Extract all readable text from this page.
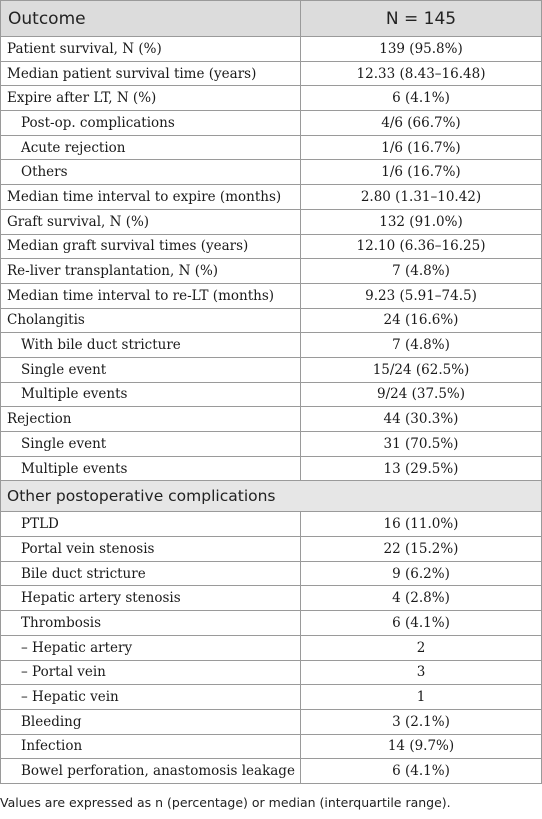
Outcome	N = 145
Patient survival, N (%)	139 (95.8%)
Median patient survival time (years)	12.33 (8.43–16.48)
Expire after LT, N (%)	6 (4.1%)
Post-op. complications	4/6 (66.7%)
Acute rejection	1/6 (16.7%)
Others	1/6 (16.7%)
Median time interval to expire (months)	2.80 (1.31–10.42)
Graft survival, N (%)	132 (91.0%)
Median graft survival times (years)	12.10 (6.36–16.25)
Re-liver transplantation, N (%)	7 (4.8%)
Median time interval to re-LT (months)	9.23 (5.91–74.5)
Cholangitis	24 (16.6%)
With bile duct stricture	7 (4.8%)
Single event	15/24 (62.5%)
Multiple events	9/24 (37.5%)
Rejection	44 (30.3%)
Single event	31 (70.5%)
Multiple events	13 (29.5%)
Other postoperative complications	
PTLD	16 (11.0%)
Portal vein stenosis	22 (15.2%)
Bile duct stricture	9 (6.2%)
Hepatic artery stenosis	4 (2.8%)
Thrombosis	6 (4.1%)
– Hepatic artery	2
– Portal vein	3
– Hepatic vein	1
Bleeding	3 (2.1%)
Infection	14 (9.7%)
Bowel perforation, anastomosis leakage	6 (4.1%)
Values are expressed as n (percentage) or median (interquartile range).
